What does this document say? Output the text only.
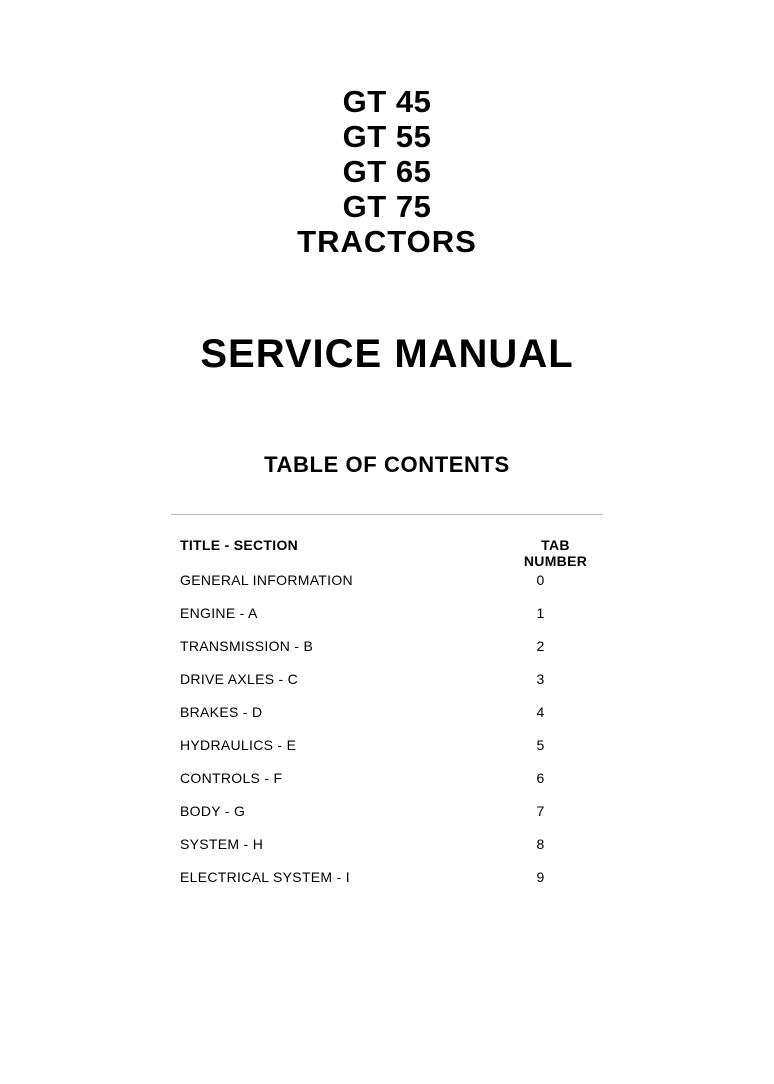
GT 45
GT 55
GT 65
GT 75
TRACTORS
SERVICE MANUAL
TABLE OF CONTENTS
TITLE - SECTION	TAB NUMBER
GENERAL INFORMATION	0
ENGINE - A	1
TRANSMISSION - B	2
DRIVE AXLES - C	3
BRAKES - D	4
HYDRAULICS - E	5
CONTROLS - F	6
BODY - G	7
SYSTEM - H	8
ELECTRICAL SYSTEM - I	9
